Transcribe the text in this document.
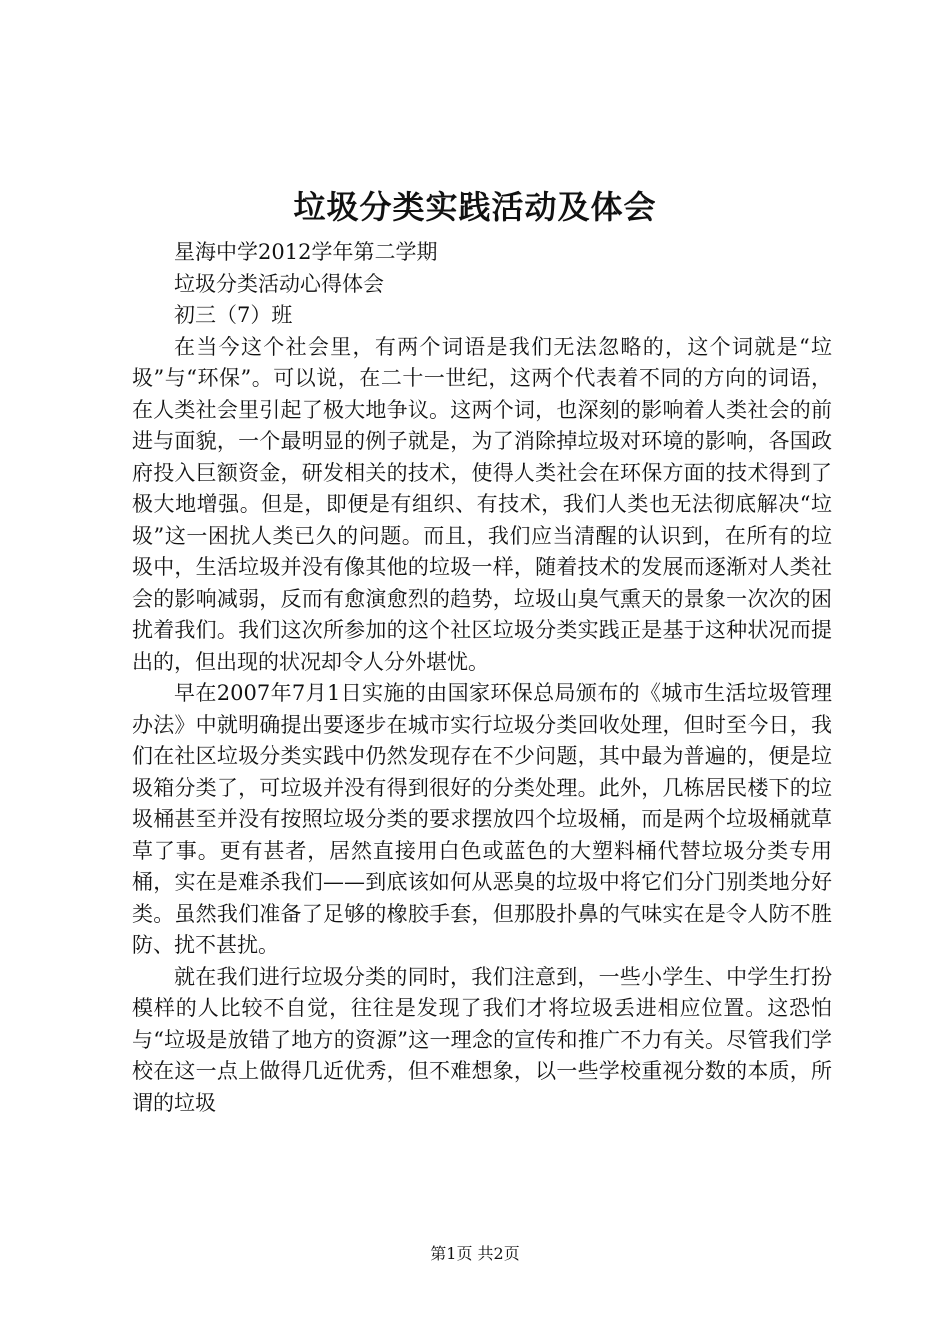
垃圾分类实践活动及体会

星海中学2012学年第二学期

垃圾分类活动心得体会

初三（7）班

在当今这个社会里，有两个词语是我们无法忽略的，这个词就是“垃圾”与“环保”。可以说，在二十一世纪，这两个代表着不同的方向的词语，在人类社会里引起了极大地争议。这两个词，也深刻的影响着人类社会的前进与面貌，一个最明显的例子就是，为了消除掉垃圾对环境的影响，各国政府投入巨额资金，研发相关的技术，使得人类社会在环保方面的技术得到了极大地增强。但是，即便是有组织、有技术，我们人类也无法彻底解决“垃圾”这一困扰人类已久的问题。而且，我们应当清醒的认识到，在所有的垃圾中，生活垃圾并没有像其他的垃圾一样，随着技术的发展而逐渐对人类社会的影响减弱，反而有愈演愈烈的趋势，垃圾山臭气熏天的景象一次次的困扰着我们。我们这次所参加的这个社区垃圾分类实践正是基于这种状况而提出的，但出现的状况却令人分外堪忧。

早在2007年7月1日实施的由国家环保总局颁布的《城市生活垃圾管理办法》中就明确提出要逐步在城市实行垃圾分类回收处理，但时至今日，我们在社区垃圾分类实践中仍然发现存在不少问题，其中最为普遍的，便是垃圾箱分类了，可垃圾并没有得到很好的分类处理。此外，几栋居民楼下的垃圾桶甚至并没有按照垃圾分类的要求摆放四个垃圾桶，而是两个垃圾桶就草草了事。更有甚者，居然直接用白色或蓝色的大塑料桶代替垃圾分类专用桶，实在是难杀我们——到底该如何从恶臭的垃圾中将它们分门别类地分好类。虽然我们准备了足够的橡胶手套，但那股扑鼻的气味实在是令人防不胜防、扰不甚扰。

就在我们进行垃圾分类的同时，我们注意到，一些小学生、中学生打扮模样的人比较不自觉，往往是发现了我们才将垃圾丢进相应位置。这恐怕与“垃圾是放错了地方的资源”这一理念的宣传和推广不力有关。尽管我们学校在这一点上做得几近优秀，但不难想象，以一些学校重视分数的本质，所谓的垃圾

第1页 共2页
